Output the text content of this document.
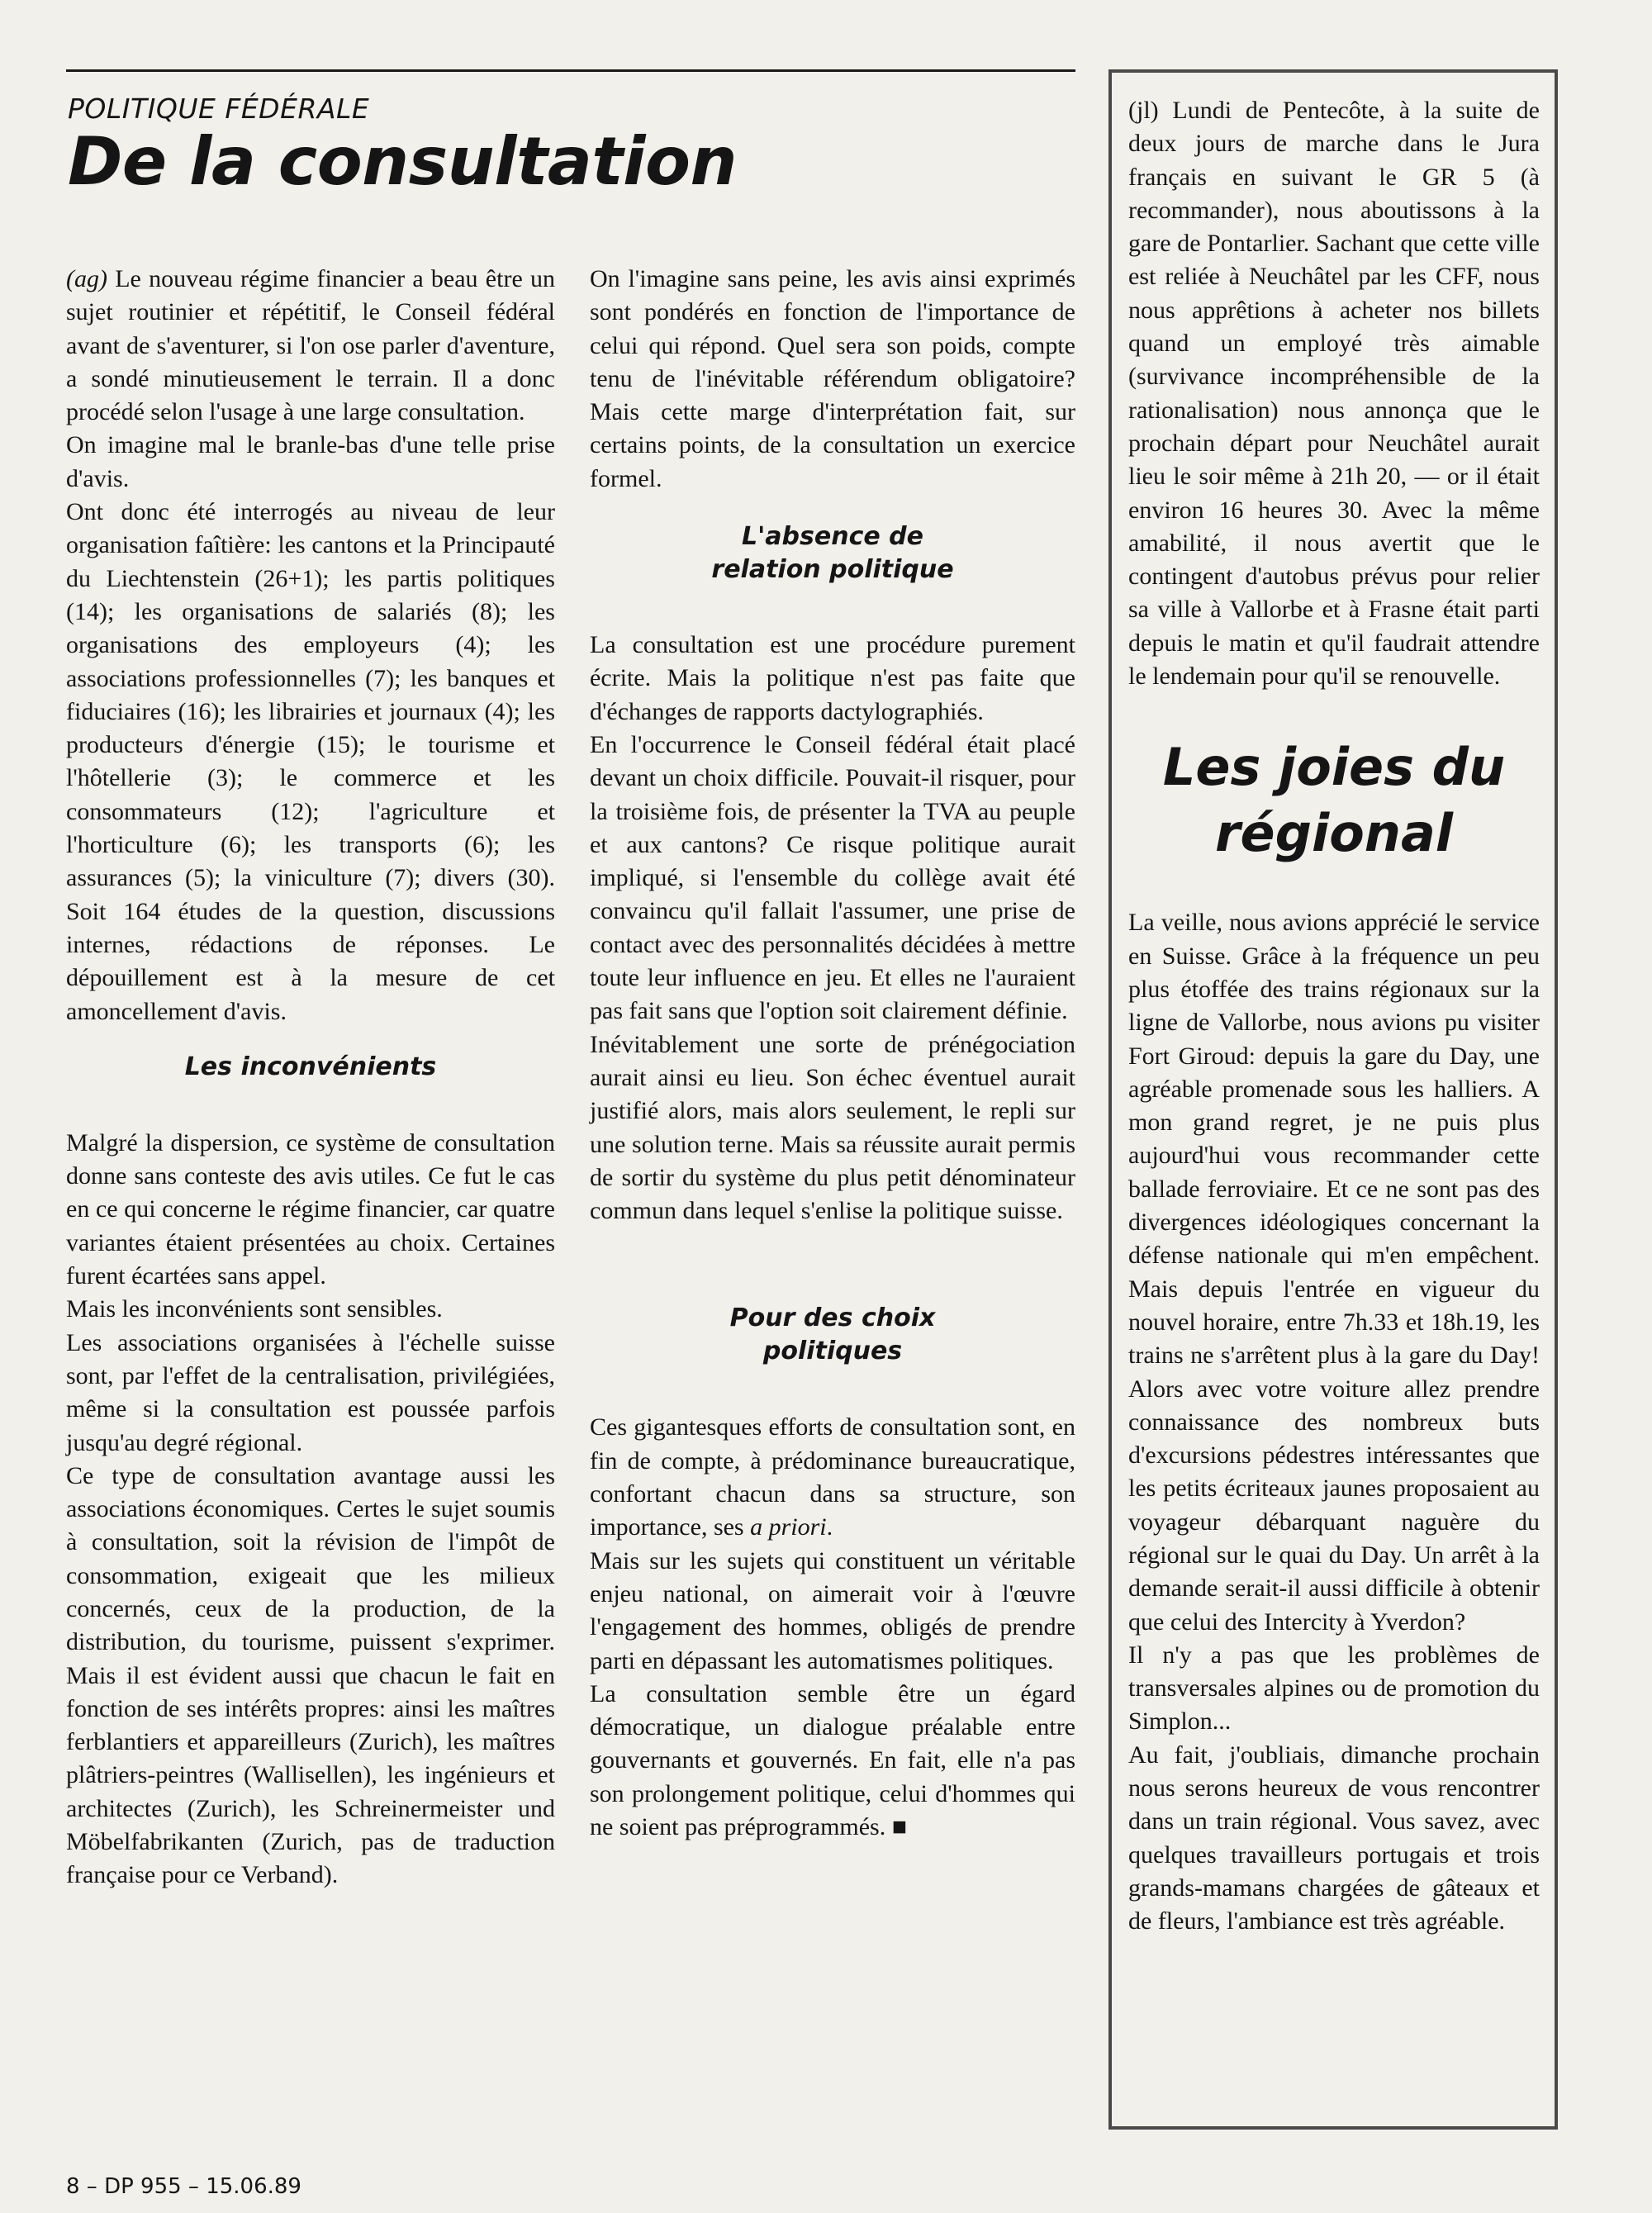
POLITIQUE FÉDÉRALE
De la consultation

(ag) Le nouveau régime financier a beau être un sujet routinier et répétitif, le Conseil fédéral avant de s'aventurer, si l'on ose parler d'aventure, a sondé minutieusement le terrain. Il a donc procédé selon l'usage à une large consultation.

On imagine mal le branle-bas d'une telle prise d'avis.

Ont donc été interrogés au niveau de leur organisation faîtière: les cantons et la Principauté du Liechtenstein (26+1); les partis politiques (14); les organisations de salariés (8); les organisations des employeurs (4); les associations professionnelles (7); les banques et fiduciaires (16); les librairies et journaux (4); les producteurs d'énergie (15); le tourisme et l'hôtellerie (3); le commerce et les consommateurs (12); l'agriculture et l'horticulture (6); les transports (6); les assurances (5); la viniculture (7); divers (30). Soit 164 études de la question, discussions internes, rédactions de réponses. Le dépouillement est à la mesure de cet amoncellement d'avis.

Les inconvénients

Malgré la dispersion, ce système de consultation donne sans conteste des avis utiles. Ce fut le cas en ce qui concerne le régime financier, car quatre variantes étaient présentées au choix. Certaines furent écartées sans appel.

Mais les inconvénients sont sensibles.

Les associations organisées à l'échelle suisse sont, par l'effet de la centralisation, privilégiées, même si la consultation est poussée parfois jusqu'au degré régional.

Ce type de consultation avantage aussi les associations économiques. Certes le sujet soumis à consultation, soit la révision de l'impôt de consommation, exigeait que les milieux concernés, ceux de la production, de la distribution, du tourisme, puissent s'exprimer. Mais il est évident aussi que chacun le fait en fonction de ses intérêts propres: ainsi les maîtres ferblantiers et appareilleurs (Zurich), les maîtres plâtriers-peintres (Wallisellen), les ingénieurs et architectes (Zurich), les Schreinermeister und Möbelfabrikanten (Zurich, pas de traduction française pour ce Verband).

On l'imagine sans peine, les avis ainsi exprimés sont pondérés en fonction de l'importance de celui qui répond. Quel sera son poids, compte tenu de l'inévitable référendum obligatoire? Mais cette marge d'interprétation fait, sur certains points, de la consultation un exercice formel.

L'absence de
relation politique

La consultation est une procédure purement écrite. Mais la politique n'est pas faite que d'échanges de rapports dactylographiés.

En l'occurrence le Conseil fédéral était placé devant un choix difficile. Pouvait-il risquer, pour la troisième fois, de présenter la TVA au peuple et aux cantons? Ce risque politique aurait impliqué, si l'ensemble du collège avait été convaincu qu'il fallait l'assumer, une prise de contact avec des personnalités décidées à mettre toute leur influence en jeu. Et elles ne l'auraient pas fait sans que l'option soit clairement définie.

Inévitablement une sorte de prénégociation aurait ainsi eu lieu. Son échec éventuel aurait justifié alors, mais alors seulement, le repli sur une solution terne. Mais sa réussite aurait permis de sortir du système du plus petit dénominateur commun dans lequel s'enlise la politique suisse.

Pour des choix
politiques

Ces gigantesques efforts de consultation sont, en fin de compte, à prédominance bureaucratique, confortant chacun dans sa structure, son importance, ses a priori.

Mais sur les sujets qui constituent un véritable enjeu national, on aimerait voir à l'œuvre l'engagement des hommes, obligés de prendre parti en dépassant les automatismes politiques.

La consultation semble être un égard démocratique, un dialogue préalable entre gouvernants et gouvernés. En fait, elle n'a pas son prolongement politique, celui d'hommes qui ne soient pas préprogrammés. ■

(jl) Lundi de Pentecôte, à la suite de deux jours de marche dans le Jura français en suivant le GR 5 (à recommander), nous aboutissons à la gare de Pontarlier. Sachant que cette ville est reliée à Neuchâtel par les CFF, nous nous apprêtions à acheter nos billets quand un employé très aimable (survivance incompréhensible de la rationalisation) nous annonça que le prochain départ pour Neuchâtel aurait lieu le soir même à 21h 20, — or il était environ 16 heures 30. Avec la même amabilité, il nous avertit que le contingent d'autobus prévus pour relier sa ville à Vallorbe et à Frasne était parti depuis le matin et qu'il faudrait attendre le lendemain pour qu'il se renouvelle.

Les joies du
régional

La veille, nous avions apprécié le service en Suisse. Grâce à la fréquence un peu plus étoffée des trains régionaux sur la ligne de Vallorbe, nous avions pu visiter Fort Giroud: depuis la gare du Day, une agréable promenade sous les halliers. A mon grand regret, je ne puis plus aujourd'hui vous recommander cette ballade ferroviaire. Et ce ne sont pas des divergences idéologiques concernant la défense nationale qui m'en empêchent. Mais depuis l'entrée en vigueur du nouvel horaire, entre 7h.33 et 18h.19, les trains ne s'arrêtent plus à la gare du Day! Alors avec votre voiture allez prendre connaissance des nombreux buts d'excursions pédestres intéressantes que les petits écriteaux jaunes proposaient au voyageur débarquant naguère du régional sur le quai du Day. Un arrêt à la demande serait-il aussi difficile à obtenir que celui des Intercity à Yverdon?

Il n'y a pas que les problèmes de transversales alpines ou de promotion du Simplon...

Au fait, j'oubliais, dimanche prochain nous serons heureux de vous rencontrer dans un train régional. Vous savez, avec quelques travailleurs portugais et trois grands-mamans chargées de gâteaux et de fleurs, l'ambiance est très agréable.

8 – DP 955 – 15.06.89
